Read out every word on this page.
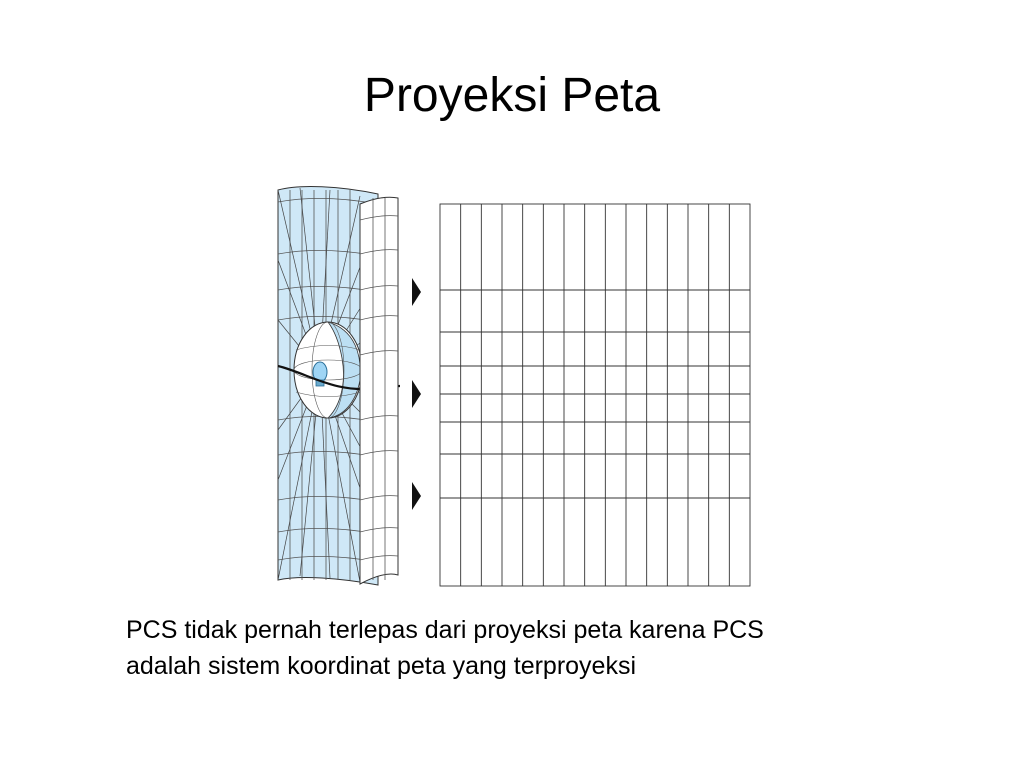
Proyeksi Peta
PCS tidak pernah terlepas dari proyeksi peta karena PCS
adalah sistem koordinat peta yang terproyeksi
